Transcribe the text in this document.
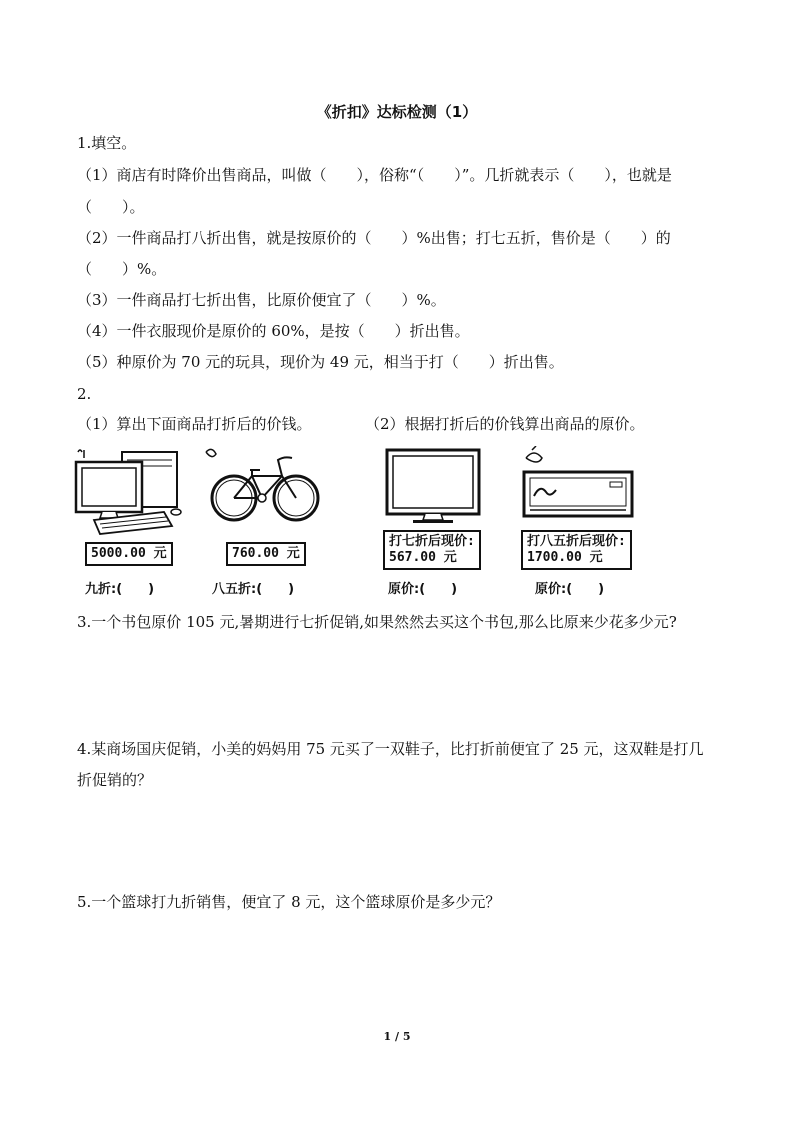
《折扣》达标检测（1）
1.填空。
（1）商店有时降价出售商品，叫做（　　），俗称“（　　）”。几折就表示（　　），也就是
（　　）。
（2）一件商品打八折出售，就是按原价的（　　）%出售；打七五折，售价是（　　）的
（　　）%。
（3）一件商品打七折出售，比原价便宜了（　　）%。
（4）一件衣服现价是原价的 60%，是按（　　）折出售。
（5）种原价为 70 元的玩具，现价为 49 元，相当于打（　　）折出售。
2.
（1）算出下面商品打折后的价钱。	（2）根据打折后的价钱算出商品的原价。
5000.00 元
九折:(　　)
760.00 元
八五折:(　　)
打七折后现价:
567.00 元
原价:(　　)
打八五折后现价:
1700.00 元
原价:(　　)
3.一个书包原价 105 元,暑期进行七折促销,如果然然去买这个书包,那么比原来少花多少元?
4.某商场国庆促销，小美的妈妈用 75 元买了一双鞋子，比打折前便宜了 25 元，这双鞋是打几
折促销的？
5.一个篮球打九折销售，便宜了 8 元，这个篮球原价是多少元？
1 / 5
